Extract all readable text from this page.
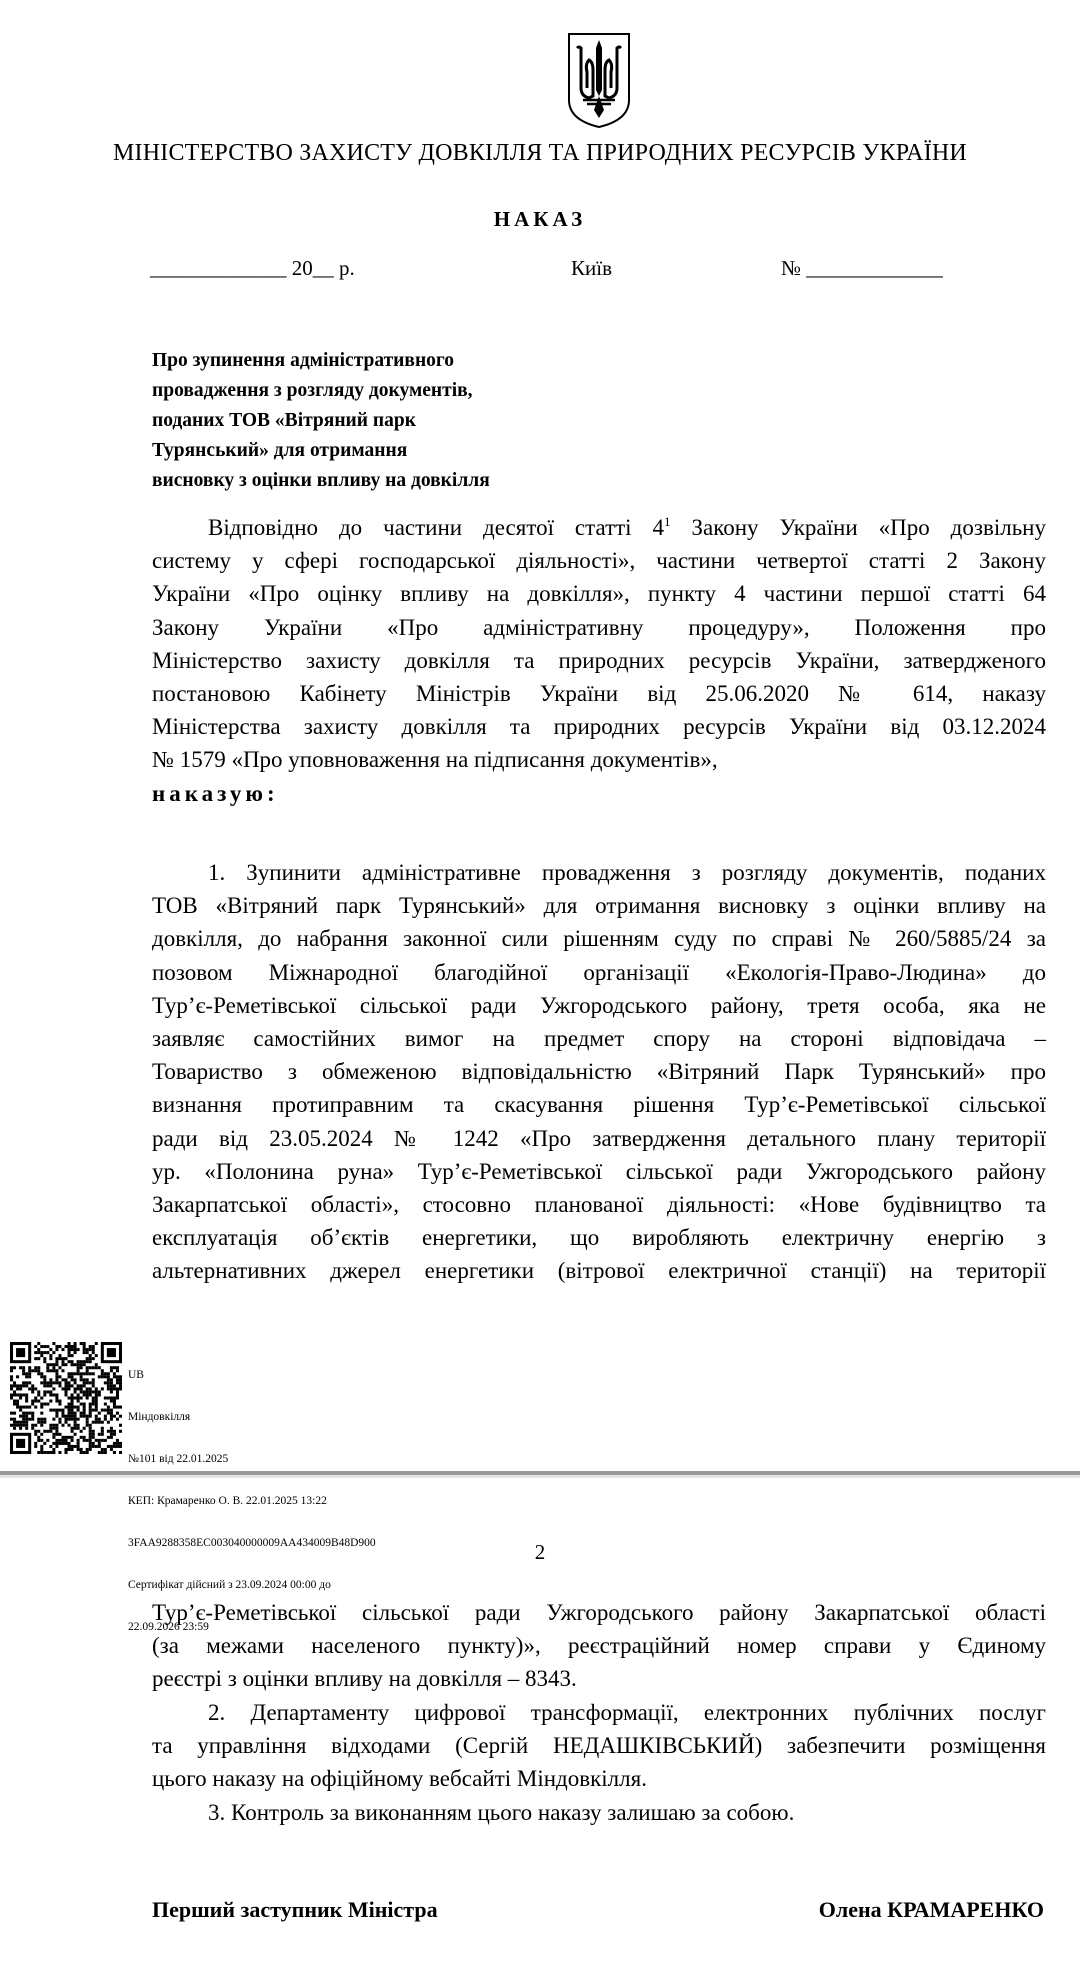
МІНІСТЕРСТВО ЗАХИСТУ ДОВКІЛЛЯ ТА ПРИРОДНИХ РЕСУРСІВ УКРАЇНИ
НАКАЗ
_____________ 20__ р.	Київ	№ _____________
Про зупинення адміністративного
провадження з розгляду документів,
поданих ТОВ «Вітряний парк
Турянський» для отримання
висновку з оцінки впливу на довкілля
Відповідно до частини десятої статті $4^1$ Закону України «Про дозвільну
систему у сфері господарської діяльності», частини четвертої статті 2 Закону
України «Про оцінку впливу на довкілля», пункту 4 частини першої статті 64
Закону України «Про адміністративну процедуру», Положення про
Міністерство захисту довкілля та природних ресурсів України, затвердженого
постановою Кабінету Міністрів України від 25.06.2020 № 614, наказу
Міністерства захисту довкілля та природних ресурсів України від 03.12.2024
№ 1579 «Про уповноваження на підписання документів»,
наказую:
1. Зупинити адміністративне провадження з розгляду документів, поданих
ТОВ «Вітряний парк Турянський» для отримання висновку з оцінки впливу на
довкілля, до набрання законної сили рішенням суду по справі № 260/5885/24 за
позовом Міжнародної благодійної організації «Екологія-Право-Людина» до
Тур’є-Реметівської сільської ради Ужгородського району, третя особа, яка не
заявляє самостійних вимог на предмет спору на стороні відповідача –
Товариство з обмеженою відповідальністю «Вітряний Парк Турянський» про
визнання протиправним та скасування рішення Тур’є-Реметівської сільської
ради від 23.05.2024 № 1242 «Про затвердження детального плану території
ур. «Полонина руна» Тур’є-Реметівської сільської ради Ужгородського району
Закарпатської області», стосовно планованої діяльності: «Нове будівництво та
експлуатація об’єктів енергетики, що виробляють електричну енергію з
альтернативних джерел енергетики (вітрової електричної станції) на території

UB

Міндовкілля

№101 від 22.01.2025

КЕП: Крамаренко О. В. 22.01.2025 13:22

3FAA9288358EC003040000009AA434009B48D900

Сертифікат дійсний з 23.09.2024 00:00 до

22.09.2026 23:59

2
Тур’є-Реметівської сільської ради Ужгородського району Закарпатської області
(за межами населеного пункту)», реєстраційний номер справи у Єдиному
реєстрі з оцінки впливу на довкілля – 8343.
2. Департаменту цифрової трансформації, електронних публічних послуг
та управління відходами (Сергій НЕДАШКІВСЬКИЙ) забезпечити розміщення
цього наказу на офіційному вебсайті Міндовкілля.
3. Контроль за виконанням цього наказу залишаю за собою.
Перший заступник Міністра	Олена КРАМАРЕНКО
